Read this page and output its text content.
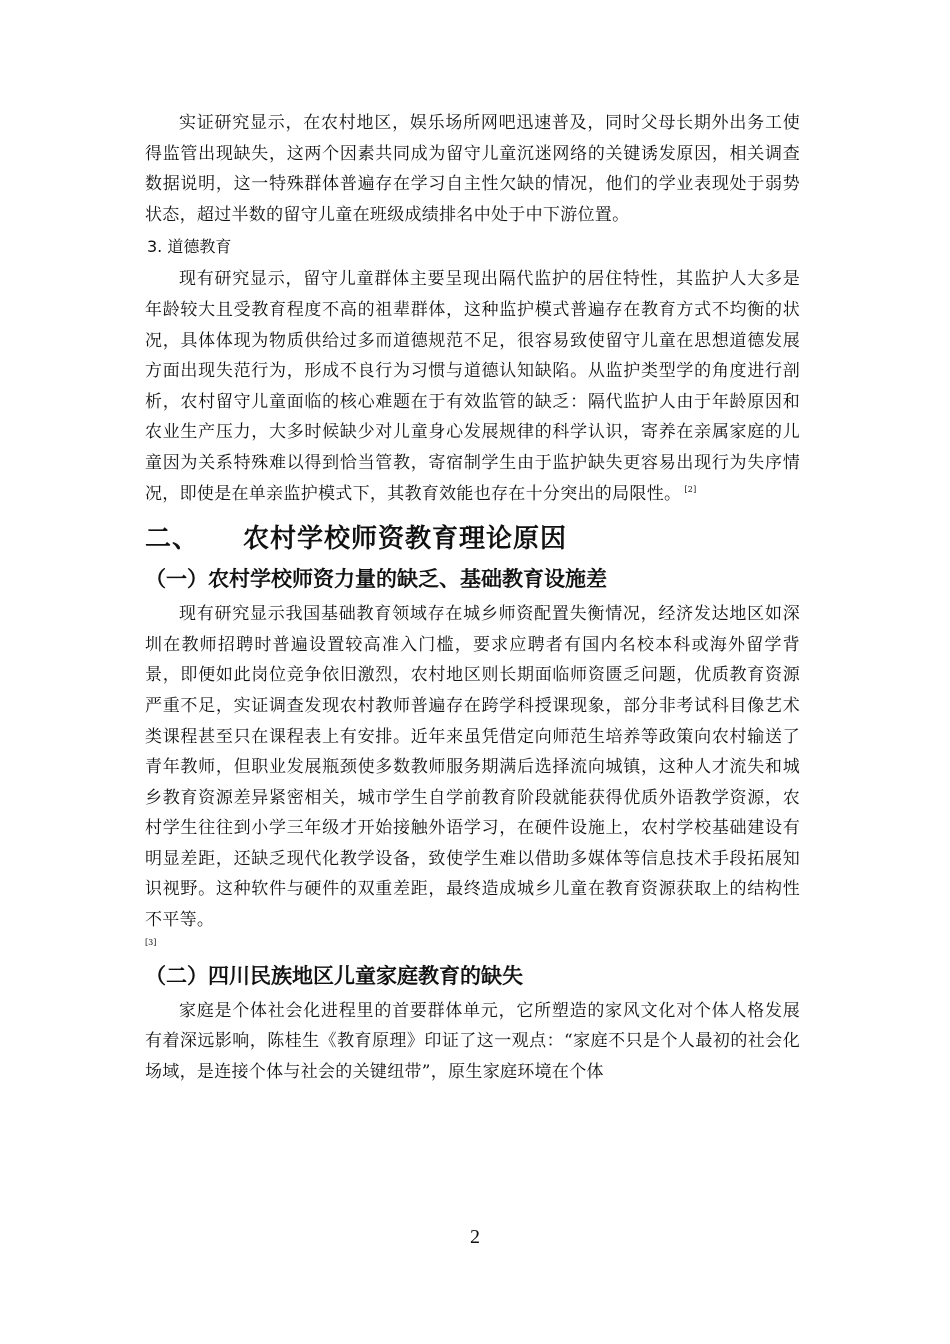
实证研究显示，在农村地区，娱乐场所网吧迅速普及，同时父母长期外出务工使得监管出现缺失，这两个因素共同成为留守儿童沉迷网络的关键诱发原因，相关调查数据说明，这一特殊群体普遍存在学习自主性欠缺的情况，他们的学业表现处于弱势状态，超过半数的留守儿童在班级成绩排名中处于中下游位置。

3. 道德教育

现有研究显示，留守儿童群体主要呈现出隔代监护的居住特性，其监护人大多是年龄较大且受教育程度不高的祖辈群体，这种监护模式普遍存在教育方式不均衡的状况，具体体现为物质供给过多而道德规范不足，很容易致使留守儿童在思想道德发展方面出现失范行为，形成不良行为习惯与道德认知缺陷。从监护类型学的角度进行剖析，农村留守儿童面临的核心难题在于有效监管的缺乏：隔代监护人由于年龄原因和农业生产压力，大多时候缺少对儿童身心发展规律的科学认识，寄养在亲属家庭的儿童因为关系特殊难以得到恰当管教，寄宿制学生由于监护缺失更容易出现行为失序情况，即使是在单亲监护模式下，其教育效能也存在十分突出的局限性。 [2]

二、 农村学校师资教育理论原因
（一）农村学校师资力量的缺乏、基础教育设施差

现有研究显示我国基础教育领域存在城乡师资配置失衡情况，经济发达地区如深圳在教师招聘时普遍设置较高准入门槛，要求应聘者有国内名校本科或海外留学背景，即便如此岗位竞争依旧激烈，农村地区则长期面临师资匮乏问题，优质教育资源严重不足，实证调查发现农村教师普遍存在跨学科授课现象，部分非考试科目像艺术类课程甚至只在课程表上有安排。近年来虽凭借定向师范生培养等政策向农村输送了青年教师，但职业发展瓶颈使多数教师服务期满后选择流向城镇，这种人才流失和城乡教育资源差异紧密相关，城市学生自学前教育阶段就能获得优质外语教学资源，农村学生往往到小学三年级才开始接触外语学习，在硬件设施上，农村学校基础建设有明显差距，还缺乏现代化教学设备，致使学生难以借助多媒体等信息技术手段拓展知识视野。这种软件与硬件的双重差距，最终造成城乡儿童在教育资源获取上的结构性不平等。

[3]

（二）四川民族地区儿童家庭教育的缺失

家庭是个体社会化进程里的首要群体单元，它所塑造的家风文化对个体人格发展有着深远影响，陈桂生《教育原理》印证了这一观点：“家庭不只是个人最初的社会化场域，是连接个体与社会的关键纽带”，原生家庭环境在个体

2
